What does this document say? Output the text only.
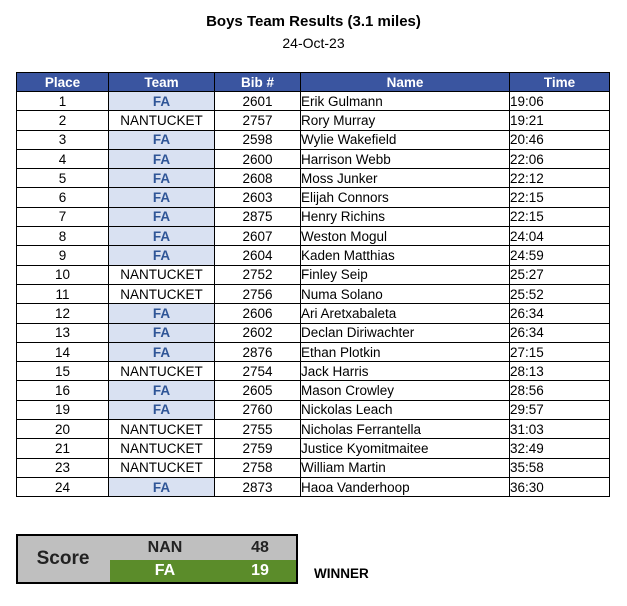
Boys Team Results (3.1 miles)
24-Oct-23
Place	Team	Bib #	Name	Time
1	FA	2601	Erik Gulmann	19:06
2	NANTUCKET	2757	Rory Murray	19:21
3	FA	2598	Wylie Wakefield	20:46
4	FA	2600	Harrison Webb	22:06
5	FA	2608	Moss Junker	22:12
6	FA	2603	Elijah Connors	22:15
7	FA	2875	Henry Richins	22:15
8	FA	2607	Weston Mogul	24:04
9	FA	2604	Kaden Matthias	24:59
10	NANTUCKET	2752	Finley Seip	25:27
11	NANTUCKET	2756	Numa Solano	25:52
12	FA	2606	Ari Aretxabaleta	26:34
13	FA	2602	Declan Diriwachter	26:34
14	FA	2876	Ethan Plotkin	27:15
15	NANTUCKET	2754	Jack Harris	28:13
16	FA	2605	Mason Crowley	28:56
19	FA	2760	Nickolas Leach	29:57
20	NANTUCKET	2755	Nicholas Ferrantella	31:03
21	NANTUCKET	2759	Justice Kyomitmaitee	32:49
23	NANTUCKET	2758	William Martin	35:58
24	FA	2873	Haoa Vanderhoop	36:30
Score
NAN	48
FA	19	WINNER
